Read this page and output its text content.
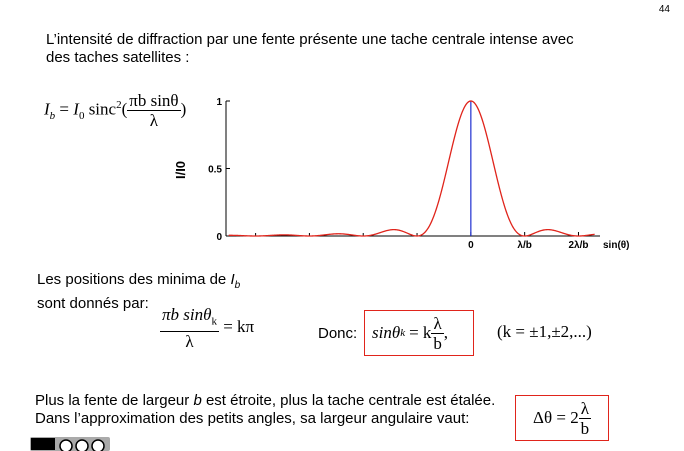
44
L’intensité de diffraction par une fente présente une tache centrale intense avec
des taches satellites :
$I_b = I_0$ $\sin c^2( \frac{\text{πb sinθ}}{\lambda}$ )
0
0.5
1
I/I0
0	λ/b	2λ/b sin(θ)
Les positions des minima de $I_b$
sont donnés par:
$\frac{\pi b \sin\theta_k}{\lambda} = k\pi$	Donc: sinθ k = k $\frac{\lambda}{b}$ ,	(k = ±1,±2,...)
Plus la fente de largeur b est étroite, plus la tache centrale est étalée.
Dans l’approximation des petits angles, sa largeur angulaire vaut:	$\Delta\theta = 2 \frac{\lambda}{b}$
